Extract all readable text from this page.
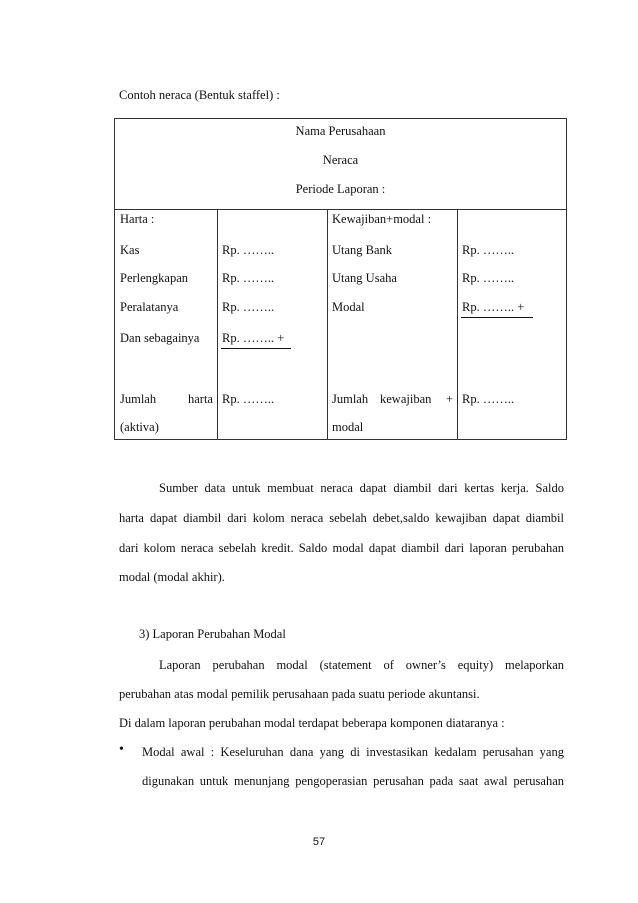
Contoh neraca (Bentuk staffel) :
Nama Perusahaan
Neraca
Periode Laporan :
Harta :
Kas
Perlengkapan
Peralatanya
Dan sebagainya
Rp. ……..
Rp. ……..
Rp. ……..
Rp. …….. +
Kewajiban+modal :
Utang Bank
Utang Usaha
Modal
Rp. ……..
Rp. ……..
Rp. …….. +
Jumlah	harta
(aktiva)
Rp. ……..	Jumlah kewajiban +
modal
Rp. ……..
Sumber data untuk membuat neraca dapat diambil dari kertas kerja. Saldo
harta dapat diambil dari kolom neraca sebelah debet,saldo kewajiban dapat diambil
dari kolom neraca sebelah kredit. Saldo modal dapat diambil dari laporan perubahan
modal (modal akhir).
3) Laporan Perubahan Modal
Laporan perubahan modal (statement of owner’s equity) melaporkan
perubahan atas modal pemilik perusahaan pada suatu periode akuntansi.
Di dalam laporan perubahan modal terdapat beberapa komponen diataranya :
• Modal awal : Keseluruhan dana yang di investasikan kedalam perusahan yang
digunakan untuk menunjang pengoperasian perusahan pada saat awal perusahan
57
